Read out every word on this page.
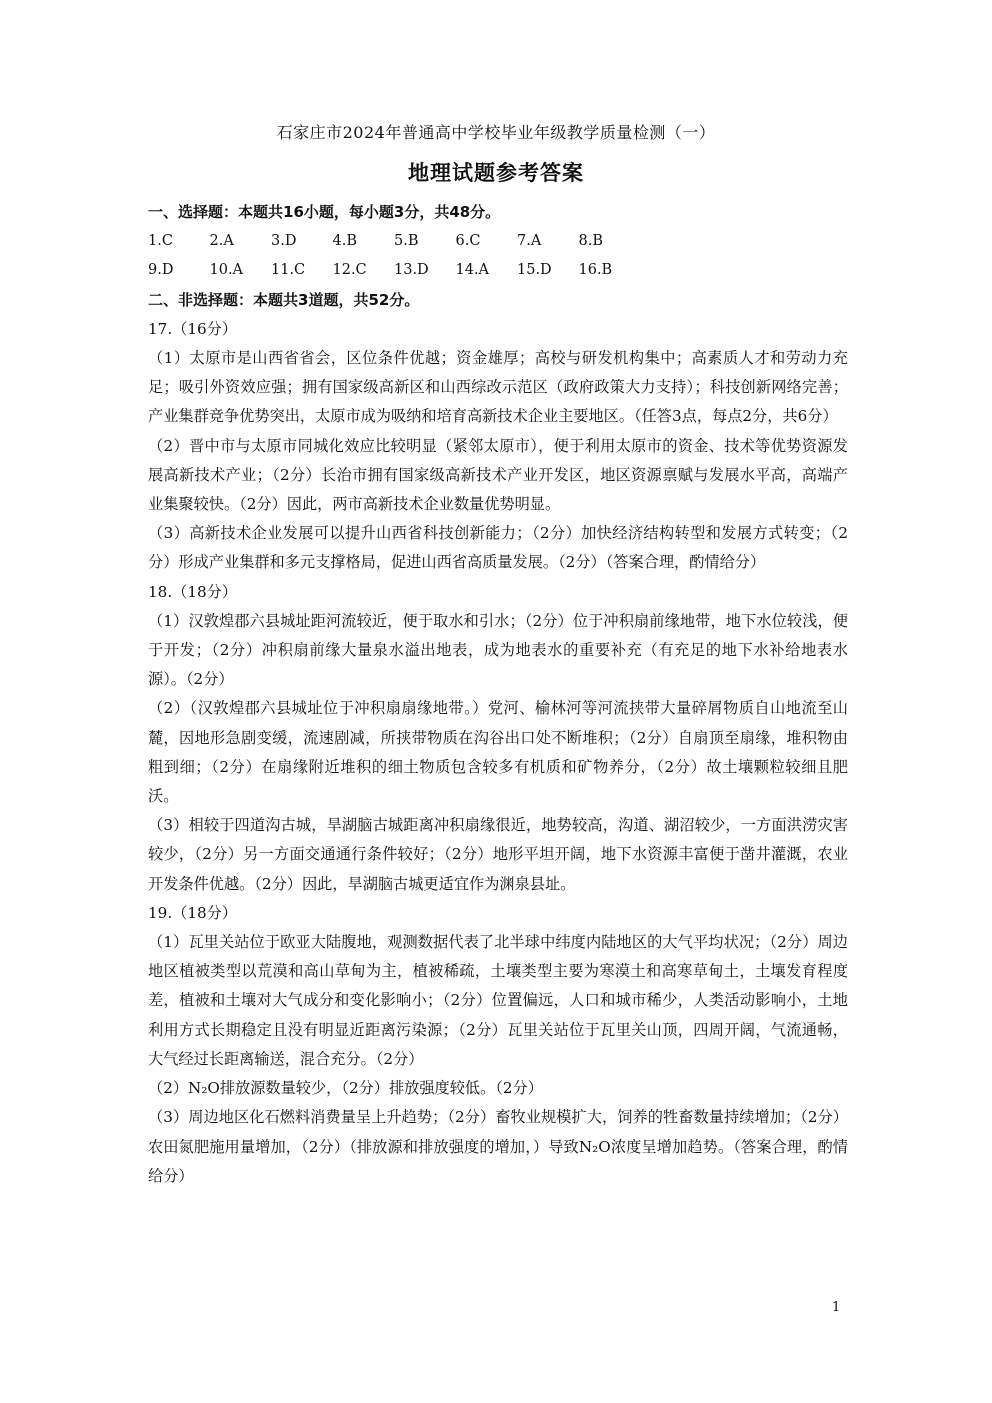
石家庄市2024年普通高中学校毕业年级教学质量检测（一）
地理试题参考答案
一、选择题：本题共16小题，每小题3分，共48分。
1.C	2.A	3.D	4.B	5.B	6.C	7.A	8.B
9.D	10.A	11.C	12.C	13.D	14.A	15.D	16.B
二、非选择题：本题共3道题，共52分。
17.（16分）

（1）太原市是山西省省会，区位条件优越；资金雄厚；高校与研发机构集中；高素质人才和劳动力充足；吸引外资效应强；拥有国家级高新区和山西综改示范区（政府政策大力支持）；科技创新网络完善；产业集群竞争优势突出，太原市成为吸纳和培育高新技术企业主要地区。（任答3点，每点2分，共6分）

（2）晋中市与太原市同城化效应比较明显（紧邻太原市），便于利用太原市的资金、技术等优势资源发展高新技术产业；（2分）长治市拥有国家级高新技术产业开发区，地区资源禀赋与发展水平高，高端产业集聚较快。（2分）因此，两市高新技术企业数量优势明显。

（3）高新技术企业发展可以提升山西省科技创新能力；（2分）加快经济结构转型和发展方式转变；（2分）形成产业集群和多元支撑格局，促进山西省高质量发展。（2分）（答案合理，酌情给分）

18.（18分）

（1）汉敦煌郡六县城址距河流较近，便于取水和引水；（2分）位于冲积扇前缘地带，地下水位较浅，便于开发；（2分）冲积扇前缘大量泉水溢出地表，成为地表水的重要补充（有充足的地下水补给地表水源）。（2分）

（2）（汉敦煌郡六县城址位于冲积扇扇缘地带。）党河、榆林河等河流挟带大量碎屑物质自山地流至山麓，因地形急剧变缓，流速剧减，所挟带物质在沟谷出口处不断堆积；（2分）自扇顶至扇缘，堆积物由粗到细；（2分）在扇缘附近堆积的细土物质包含较多有机质和矿物养分，（2分）故土壤颗粒较细且肥沃。

（3）相较于四道沟古城，旱湖脑古城距离冲积扇缘很近，地势较高，沟道、湖沼较少，一方面洪涝灾害较少，（2分）另一方面交通通行条件较好；（2分）地形平坦开阔，地下水资源丰富便于凿井灌溉，农业开发条件优越。（2分）因此，旱湖脑古城更适宜作为渊泉县址。

19.（18分）

（1）瓦里关站位于欧亚大陆腹地，观测数据代表了北半球中纬度内陆地区的大气平均状况；（2分）周边地区植被类型以荒漠和高山草甸为主，植被稀疏，土壤类型主要为寒漠土和高寒草甸土，土壤发育程度差，植被和土壤对大气成分和变化影响小；（2分）位置偏远，人口和城市稀少，人类活动影响小，土地利用方式长期稳定且没有明显近距离污染源；（2分）瓦里关站位于瓦里关山顶，四周开阔，气流通畅，大气经过长距离输送，混合充分。（2分）

（2）N₂O排放源数量较少，（2分）排放强度较低。（2分）

（3）周边地区化石燃料消费量呈上升趋势；（2分）畜牧业规模扩大，饲养的牲畜数量持续增加；（2分）农田氮肥施用量增加，（2分）（排放源和排放强度的增加，）导致N₂O浓度呈增加趋势。（答案合理，酌情给分）

1
